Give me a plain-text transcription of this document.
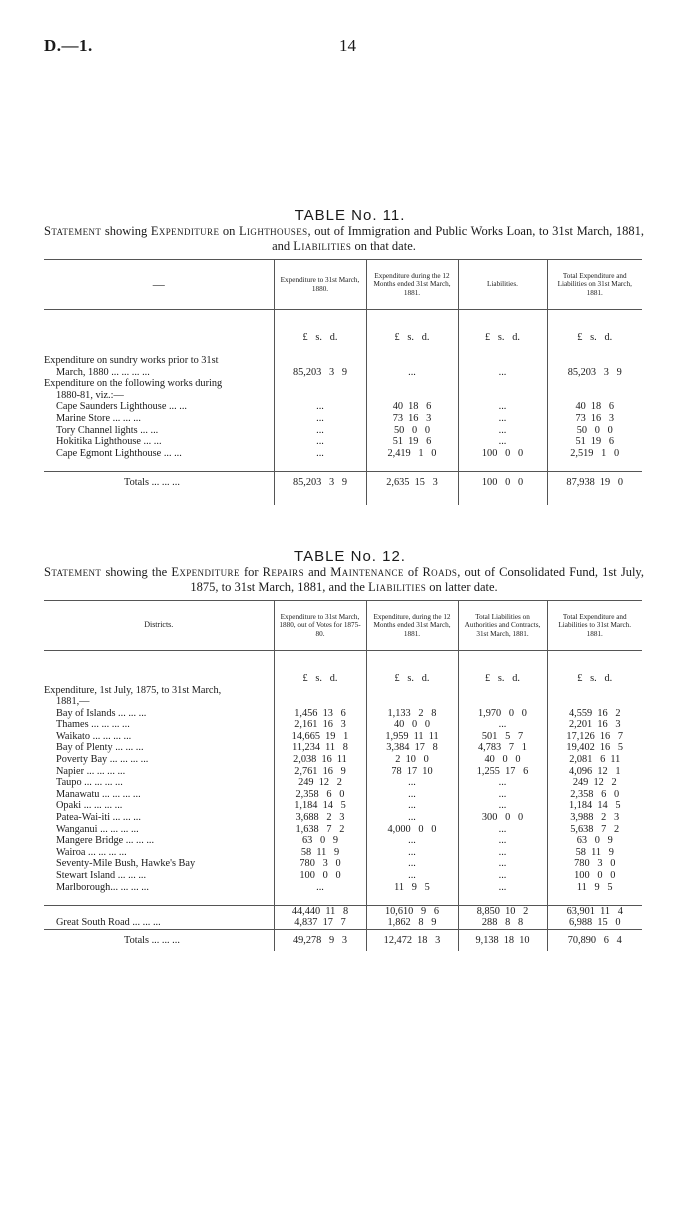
D.—1.	14
TABLE No. 11.
Statement showing Expenditure on Lighthouses, out of Immigration and Public Works Loan, to 31st March, 1881, and Liabilities on that date.
—	Expenditure to 31st March, 1880.	Expenditure during the 12 Months ended 31st March, 1881.	Liabilities.	Total Expenditure and Liabilities on 31st March, 1881.
	£   s.   d.	£   s.   d.	£   s.   d.	£   s.   d.

Expenditure on sundry works prior to 31st				
March, 1880 ... ... ... ...	85,203   3   9	...	...	85,203   3   9
Expenditure on the following works during				
1880-81, viz.:—				
Cape Saunders Lighthouse ... ...	...	40  18   6	...	40  18   6
Marine Store ... ... ...	...	73  16   3	...	73  16   3
Tory Channel lights ... ...	...	50   0   0	...	50   0   0
Hokitika Lighthouse ... ...	...	51  19   6	...	51  19   6
Cape Egmont Lighthouse ... ...	...	2,419   1   0	100   0   0	2,519   1   0

Totals ... ... ...	85,203   3   9	2,635  15   3	100   0   0	87,938  19   0

TABLE No. 12.
Statement showing the Expenditure for Repairs and Maintenance of Roads, out of Consolidated Fund, 1st July, 1875, to 31st March, 1881, and the Liabilities on latter date.
Districts.	Expenditure to 31st March, 1880, out of Votes for 1875-80.	Expenditure, during the 12 Months ended 31st March, 1881.	Total Liabilities on Authorities and Contracts, 31st March, 1881.	Total Expenditure and Liabilities to 31st March. 1881.
	£   s.   d.	£   s.   d.	£   s.   d.	£   s.   d.
Expenditure, 1st July, 1875, to 31st March,				
1881,—				
Bay of Islands ... ... ...	1,456  13   6	1,133   2   8	1,970   0   0	4,559  16   2
Thames ... ... ... ...	2,161  16   3	40   0   0	...	2,201  16   3
Waikato ... ... ... ...	14,665  19   1	1,959  11  11	501   5   7	17,126  16   7
Bay of Plenty ... ... ...	11,234  11   8	3,384  17   8	4,783   7   1	19,402  16   5
Poverty Bay ... ... ... ...	2,038  16  11	2  10   0	40   0   0	2,081   6  11
Napier ... ... ... ...	2,761  16   9	78  17  10	1,255  17   6	4,096  12   1
Taupo ... ... ... ...	249  12   2	...	...	249  12   2
Manawatu ... ... ... ...	2,358   6   0	...	...	2,358   6   0
Opaki ... ... ... ...	1,184  14   5	...	...	1,184  14   5
Patea-Wai-iti ... ... ...	3,688   2   3	...	300   0   0	3,988   2   3
Wanganui ... ... ... ...	1,638   7   2	4,000   0   0	...	5,638   7   2
Mangere Bridge ... ... ...	63   0   9	...	...	63   0   9
Wairoa ... ... ... ...	58  11   9	...	...	58  11   9
Seventy-Mile Bush, Hawke's Bay	780   3   0	...	...	780   3   0
Stewart Island ... ... ...	100   0   0	...	...	100   0   0
Marlborough... ... ... ...	...	11   9   5	...	11   9   5

	44,440  11   8	10,610   9   6	8,850  10   2	63,901  11   4
Great South Road ... ... ...	4,837  17   7	1,862   8   9	288   8   8	6,988  15   0
Totals ... ... ...	49,278   9   3	12,472  18   3	9,138  18  10	70,890   6   4
